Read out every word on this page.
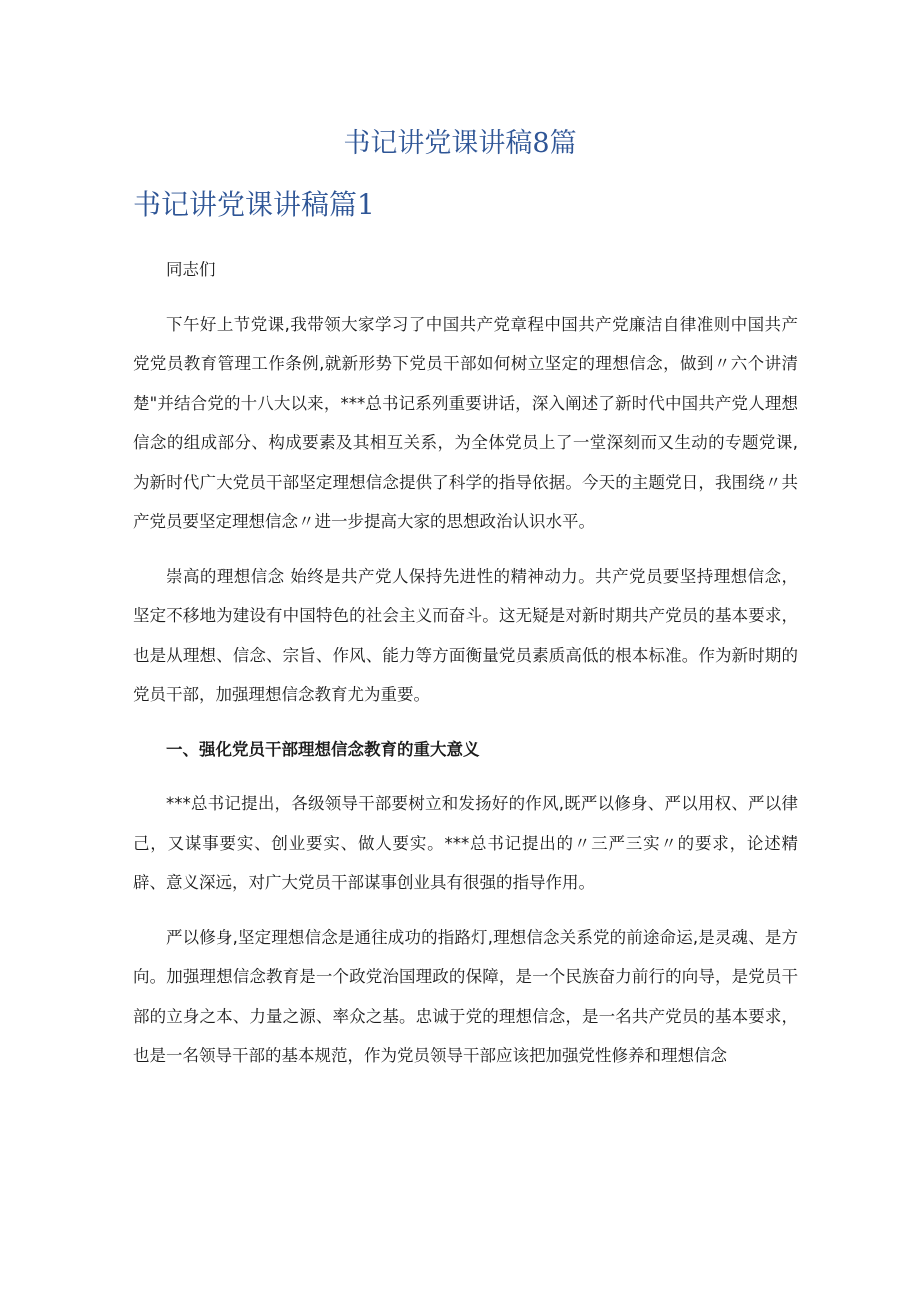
书记讲党课讲稿8篇
书记讲党课讲稿篇1

同志们

下午好上节党课,我带领大家学习了中国共产党章程中国共产党廉洁自律准则中国共产党党员教育管理工作条例,就新形势下党员干部如何树立坚定的理想信念，做到〃六个讲清楚"并结合党的十八大以来，***总书记系列重要讲话，深入阐述了新时代中国共产党人理想信念的组成部分、构成要素及其相互关系，为全体党员上了一堂深刻而又生动的专题党课,为新时代广大党员干部坚定理想信念提供了科学的指导依据。今天的主题党日，我围绕〃共产党员要坚定理想信念〃进一步提高大家的思想政治认识水平。

崇高的理想信念 始终是共产党人保持先进性的精神动力。共产党员要坚持理想信念，坚定不移地为建设有中国特色的社会主义而奋斗。这无疑是对新时期共产党员的基本要求，也是从理想、信念、宗旨、作风、能力等方面衡量党员素质高低的根本标准。作为新时期的党员干部，加强理想信念教育尤为重要。

一、强化党员干部理想信念教育的重大意义

***总书记提出，各级领导干部要树立和发扬好的作风,既严以修身、严以用权、严以律己，又谋事要实、创业要实、做人要实。***总书记提出的〃三严三实〃的要求，论述精辟、意义深远，对广大党员干部谋事创业具有很强的指导作用。

严以修身,坚定理想信念是通往成功的指路灯,理想信念关系党的前途命运,是灵魂、是方向。加强理想信念教育是一个政党治国理政的保障，是一个民族奋力前行的向导，是党员干部的立身之本、力量之源、率众之基。忠诚于党的理想信念，是一名共产党员的基本要求，也是一名领导干部的基本规范，作为党员领导干部应该把加强党性修养和理想信念
